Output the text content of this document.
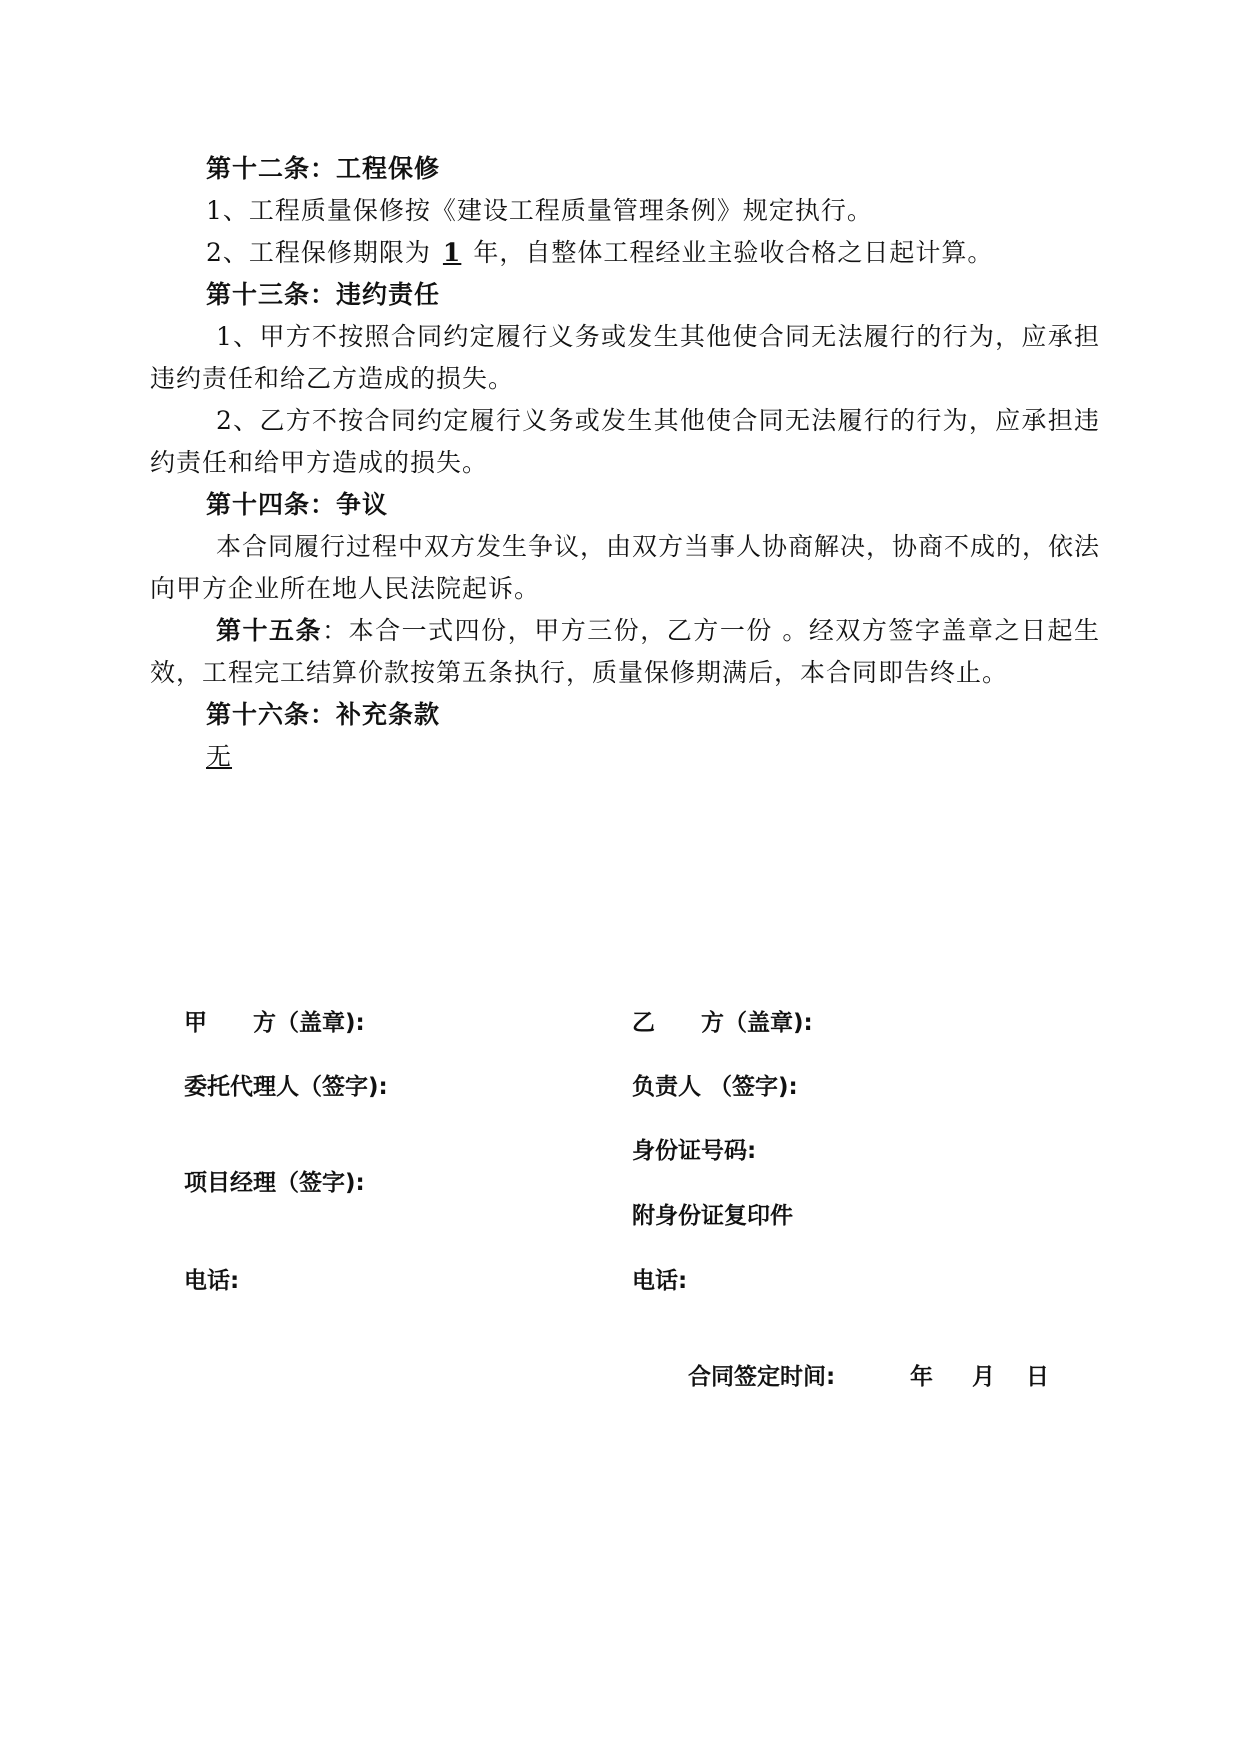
第十二条：工程保修

1、工程质量保修按《建设工程质量管理条例》规定执行。

2、工程保修期限为 1 年，自整体工程经业主验收合格之日起计算。

第十三条：违约责任

1、甲方不按照合同约定履行义务或发生其他使合同无法履行的行为，应承担违约责任和给乙方造成的损失。

2、乙方不按合同约定履行义务或发生其他使合同无法履行的行为，应承担违约责任和给甲方造成的损失。

第十四条：争议

本合同履行过程中双方发生争议，由双方当事人协商解决，协商不成的，依法向甲方企业所在地人民法院起诉。

第十五条：本合一式四份，甲方三份，乙方一份 。经双方签字盖章之日起生效，工程完工结算价款按第五条执行，质量保修期满后，本合同即告终止。

第十六条：补充条款

无

甲　　方（盖章):
委托代理人（签字):
项目经理（签字):
电话:
乙　　方（盖章):
负责人 （签字):
身份证号码:
附身份证复印件
电话:
合同签定时间:	年 月 日
